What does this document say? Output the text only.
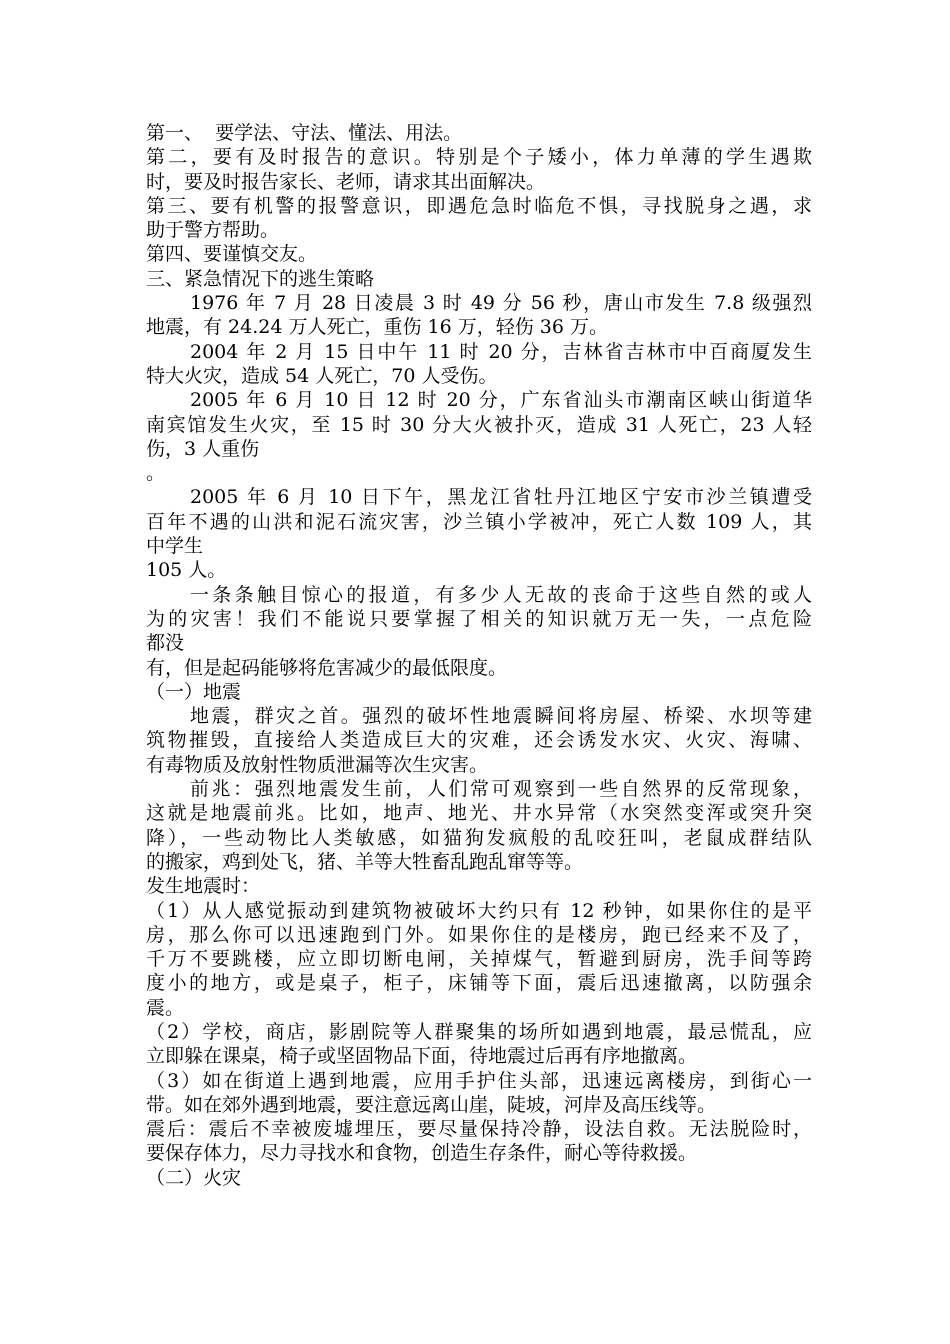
第一、  要学法、守法、懂法、用法。
第二，要有及时报告的意识。特别是个子矮小，体力单薄的学生遇欺
时，要及时报告家长、老师，请求其出面解决。
第三、要有机警的报警意识，即遇危急时临危不惧，寻找脱身之遇，求
助于警方帮助。
第四、要谨慎交友。
三、紧急情况下的逃生策略
1976 年 7 月 28 日凌晨 3 时 49 分 56 秒，唐山市发生 7.8 级强烈
地震，有 24.24 万人死亡，重伤 16 万，轻伤 36 万。
2004 年 2 月 15 日中午 11 时 20 分，吉林省吉林市中百商厦发生
特大火灾，造成 54 人死亡，70 人受伤。
2005 年 6 月 10 日 12 时 20 分，广东省汕头市潮南区峡山街道华
南宾馆发生火灾，至 15 时 30 分大火被扑灭，造成 31 人死亡，23 人轻
伤，3 人重伤
。
2005 年 6 月 10 日下午，黑龙江省牡丹江地区宁安市沙兰镇遭受
百年不遇的山洪和泥石流灾害，沙兰镇小学被冲，死亡人数 109 人，其
中学生
105 人。
一条条触目惊心的报道，有多少人无故的丧命于这些自然的或人
为的灾害！我们不能说只要掌握了相关的知识就万无一失，一点危险
都没
有，但是起码能够将危害减少的最低限度。
（一）地震
地震，群灾之首。强烈的破坏性地震瞬间将房屋、桥梁、水坝等建
筑物摧毁，直接给人类造成巨大的灾难，还会诱发水灾、火灾、海啸、
有毒物质及放射性物质泄漏等次生灾害。
前兆：强烈地震发生前，人们常可观察到一些自然界的反常现象，
这就是地震前兆。比如，地声、地光、井水异常（水突然变浑或突升突
降），一些动物比人类敏感，如猫狗发疯般的乱咬狂叫，老鼠成群结队
的搬家，鸡到处飞，猪、羊等大牲畜乱跑乱窜等等。
发生地震时：
（1）从人感觉振动到建筑物被破坏大约只有 12 秒钟，如果你住的是平
房，那么你可以迅速跑到门外。如果你住的是楼房，跑已经来不及了，
千万不要跳楼，应立即切断电闸，关掉煤气，暂避到厨房，洗手间等跨
度小的地方，或是桌子，柜子，床铺等下面，震后迅速撤离，以防强余
震。
（2）学校，商店，影剧院等人群聚集的场所如遇到地震，最忌慌乱，应
立即躲在课桌，椅子或坚固物品下面，待地震过后再有序地撤离。
（3）如在街道上遇到地震，应用手护住头部，迅速远离楼房，到街心一
带。如在郊外遇到地震，要注意远离山崖，陡坡，河岸及高压线等。
震后：震后不幸被废墟埋压，要尽量保持冷静，设法自救。无法脱险时，
要保存体力，尽力寻找水和食物，创造生存条件，耐心等待救援。
（二）火灾
